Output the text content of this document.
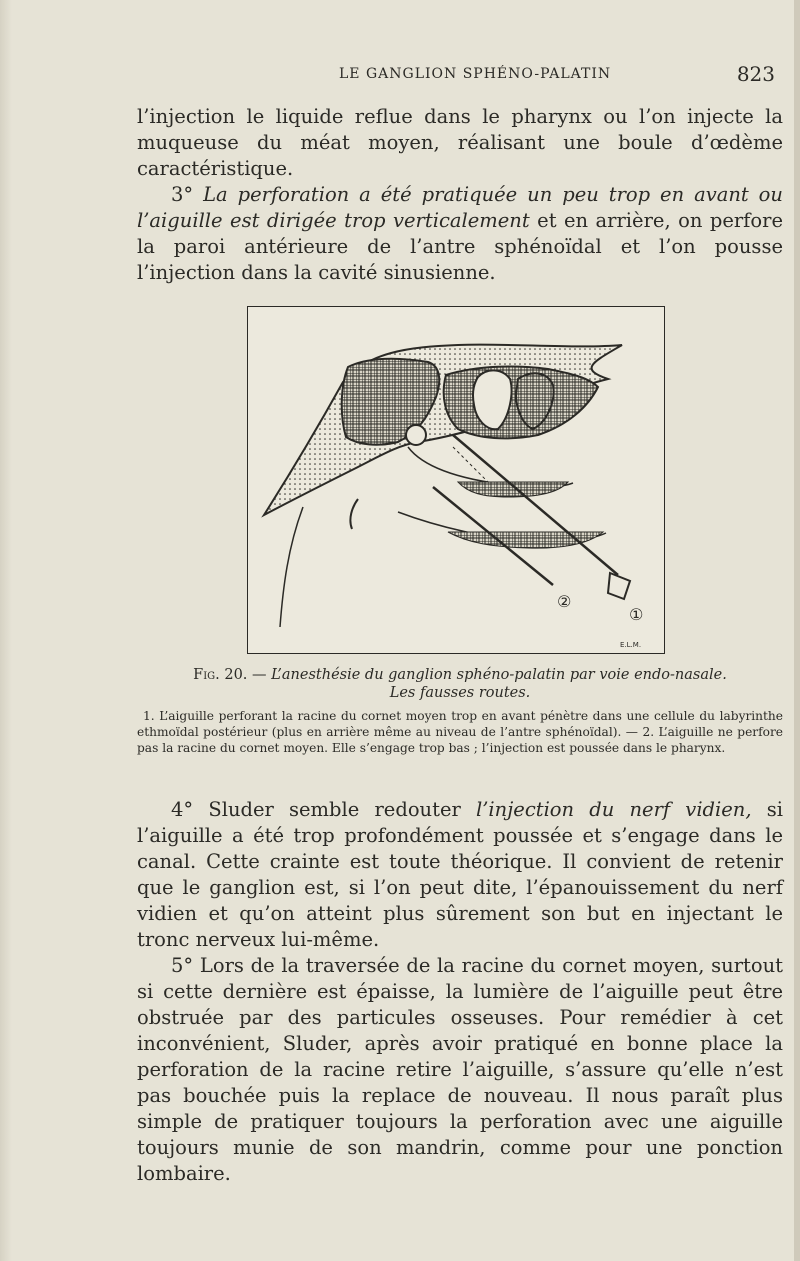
LE GANGLION SPHÉNO-PALATIN	823

l’injection le liquide reflue dans le pharynx ou l’on injecte la muqueuse du méat moyen, réalisant une boule d’œdème caractéristique.

3° La perforation a été pratiquée un peu trop en avant ou l’aiguille est dirigée trop verticalement et en arrière, on perfore la paroi antérieure de l’antre sphénoïdal et l’on pousse l’injection dans la cavité sinusienne.

②
①
E.L.M.
Fig. 20. — L’anesthésie du ganglion sphéno-palatin par voie endo-nasale.
Les fausses routes.

1. L’aiguille perforant la racine du cornet moyen trop en avant pénètre dans une cellule du labyrinthe ethmoïdal postérieur (plus en arrière même au niveau de l’antre sphénoïdal). — 2. L’aiguille ne perfore pas la racine du cornet moyen. Elle s’engage trop bas ; l’injection est poussée dans le pharynx.

4° Sluder semble redouter l’injection du nerf vidien, si l’aiguille a été trop profondément poussée et s’engage dans le canal. Cette crainte est toute théorique. Il convient de retenir que le ganglion est, si l’on peut dite, l’épanouissement du nerf vidien et qu’on atteint plus sûrement son but en injectant le tronc nerveux lui-même.

5° Lors de la traversée de la racine du cornet moyen, surtout si cette dernière est épaisse, la lumière de l’aiguille peut être obstruée par des particules osseuses. Pour remédier à cet inconvénient, Sluder, après avoir pratiqué en bonne place la perforation de la racine retire l’aiguille, s’assure qu’elle n’est pas bouchée puis la replace de nouveau. Il nous paraît plus simple de pratiquer toujours la perforation avec une aiguille toujours munie de son mandrin, comme pour une ponction lombaire.
